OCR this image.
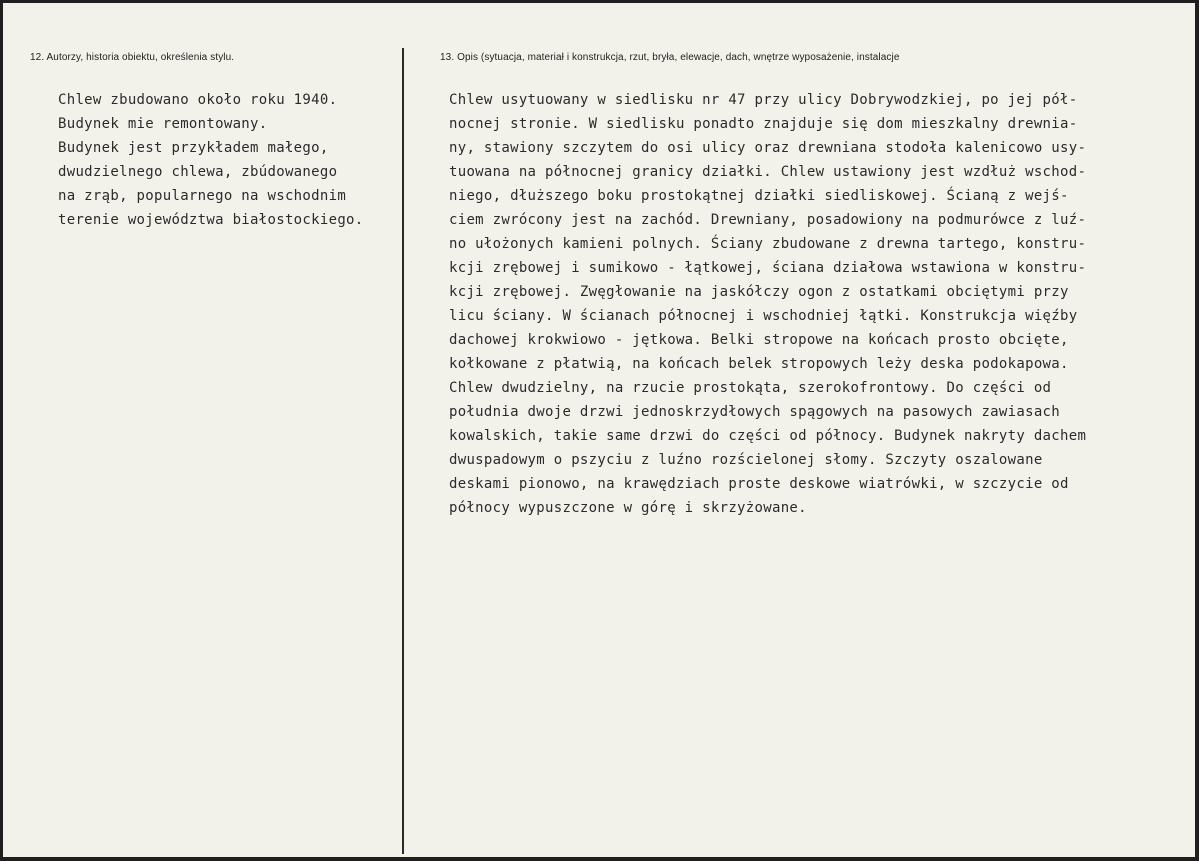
12. Autorzy, historia obiektu, określenia stylu.	13. Opis (sytuacja, materiał i konstrukcja, rzut, bryła, elewacje, dach, wnętrze wyposażenie, instalacje
Chlew zbudowano około roku 1940.
Budynek mie remontowany.
Budynek jest przykładem małego,
dwudzielnego chlewa, zbúdowanego
na zrąb, popularnego na wschodnim
terenie województwa białostockiego.
Chlew usytuowany w siedlisku nr 47 przy ulicy Dobrywodzkiej, po jej pół-
nocnej stronie. W siedlisku ponadto znajduje się dom mieszkalny drewnia-
ny, stawiony szczytem do osi ulicy oraz drewniana stodoła kalenicowo usy-
tuowana na północnej granicy działki. Chlew ustawiony jest wzdłuż wschod-
niego, dłuższego boku prostokątnej działki siedliskowej. Ścianą z wejś-
ciem zwrócony jest na zachód. Drewniany, posadowiony na podmurówce z luź-
no ułożonych kamieni polnych. Ściany zbudowane z drewna tartego, konstru-
kcji zrębowej i sumikowo - łątkowej, ściana działowa wstawiona w konstru-
kcji zrębowej. Zwęgłowanie na jaskółczy ogon z ostatkami obciętymi przy
licu ściany. W ścianach północnej i wschodniej łątki. Konstrukcja więźby
dachowej krokwiowo - jętkowa. Belki stropowe na końcach prosto obcięte,
kołkowane z płatwią, na końcach belek stropowych leży deska podokapowa.
Chlew dwudzielny, na rzucie prostokąta, szerokofrontowy. Do części od
południa dwoje drzwi jednoskrzydłowych spągowych na pasowych zawiasach
kowalskich, takie same drzwi do części od północy. Budynek nakryty dachem
dwuspadowym o pszyciu z luźno rozścielonej słomy. Szczyty oszalowane
deskami pionowo, na krawędziach proste deskowe wiatrówki, w szczycie od
północy wypuszczone w górę i skrzyżowane.
